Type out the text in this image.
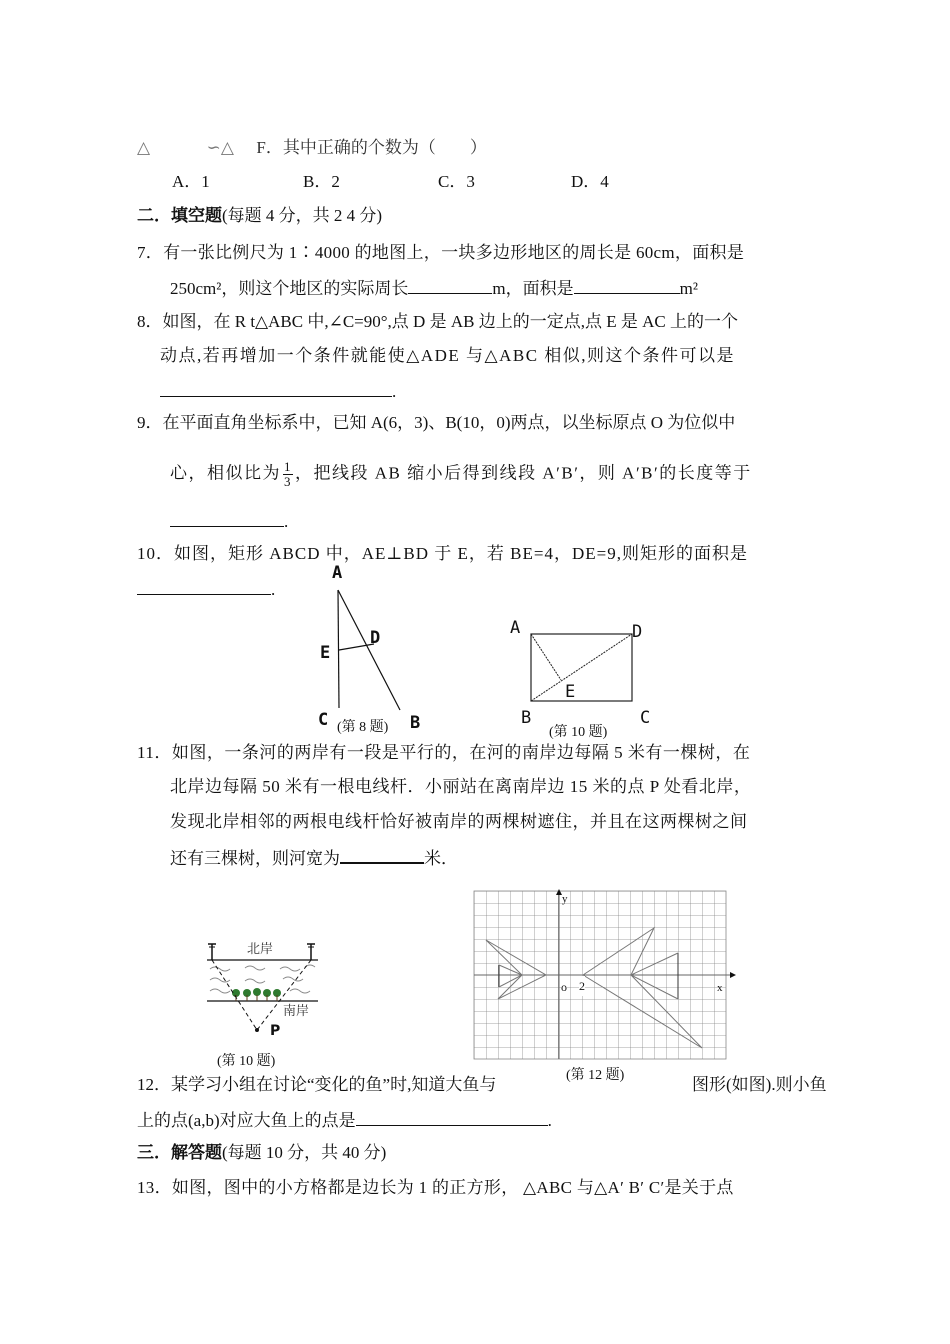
△	∽△ F．其中正确的个数为（　　）
A．1	B．2	C．3	D．4
二．填空题(每题 4 分，共 2 4 分)
7．有一张比例尺为 1∶4000 的地图上，一块多边形地区的周长是 60cm，面积是
250cm²，则这个地区的实际周长	m，面积是	m²
8．如图，在 R t△ABC 中,∠C=90°,点 D 是 AB 边上的一定点,点 E 是 AC 上的一个
动点,若再增加一个条件就能使△ADE 与△ABC 相似,则这个条件可以是
.
9．在平面直角坐标系中，已知 A(6，3)、B(10，0)两点，以坐标原点 O 为位似中
心，相似比为 $\frac{1}{3}$ ，把线段 AB 缩小后得到线段 A′B′，则 A′B′的长度等于
.
10．如图，矩形 ABCD 中，AE⊥BD 于 E，若 BE=4，DE=9,则矩形的面积是
.
A
D
E
C	B
(第 8 题)
A	D
E
B	C
(第 10 题)
11．如图，一条河的两岸有一段是平行的，在河的南岸边每隔 5 米有一棵树，在
北岸边每隔 50 米有一根电线杆．小丽站在离南岸边 15 米的点 P 处看北岸，
发现北岸相邻的两根电线杆恰好被南岸的两棵树遮住，并且在这两棵树之间
还有三棵树，则河宽为	米．
北岸
南岸
P
(第 10 题)
y
x
o 2
(第 12 题)
12．某学习小组在讨论“变化的鱼”时,知道大鱼与	图形(如图).则小鱼
上的点(a,b)对应大鱼上的点是	.
三．解答题(每题 10 分，共 40 分)
13．如图，图中的小方格都是边长为 1 的正方形， △ABC 与△A′ B′ C′是关于点
